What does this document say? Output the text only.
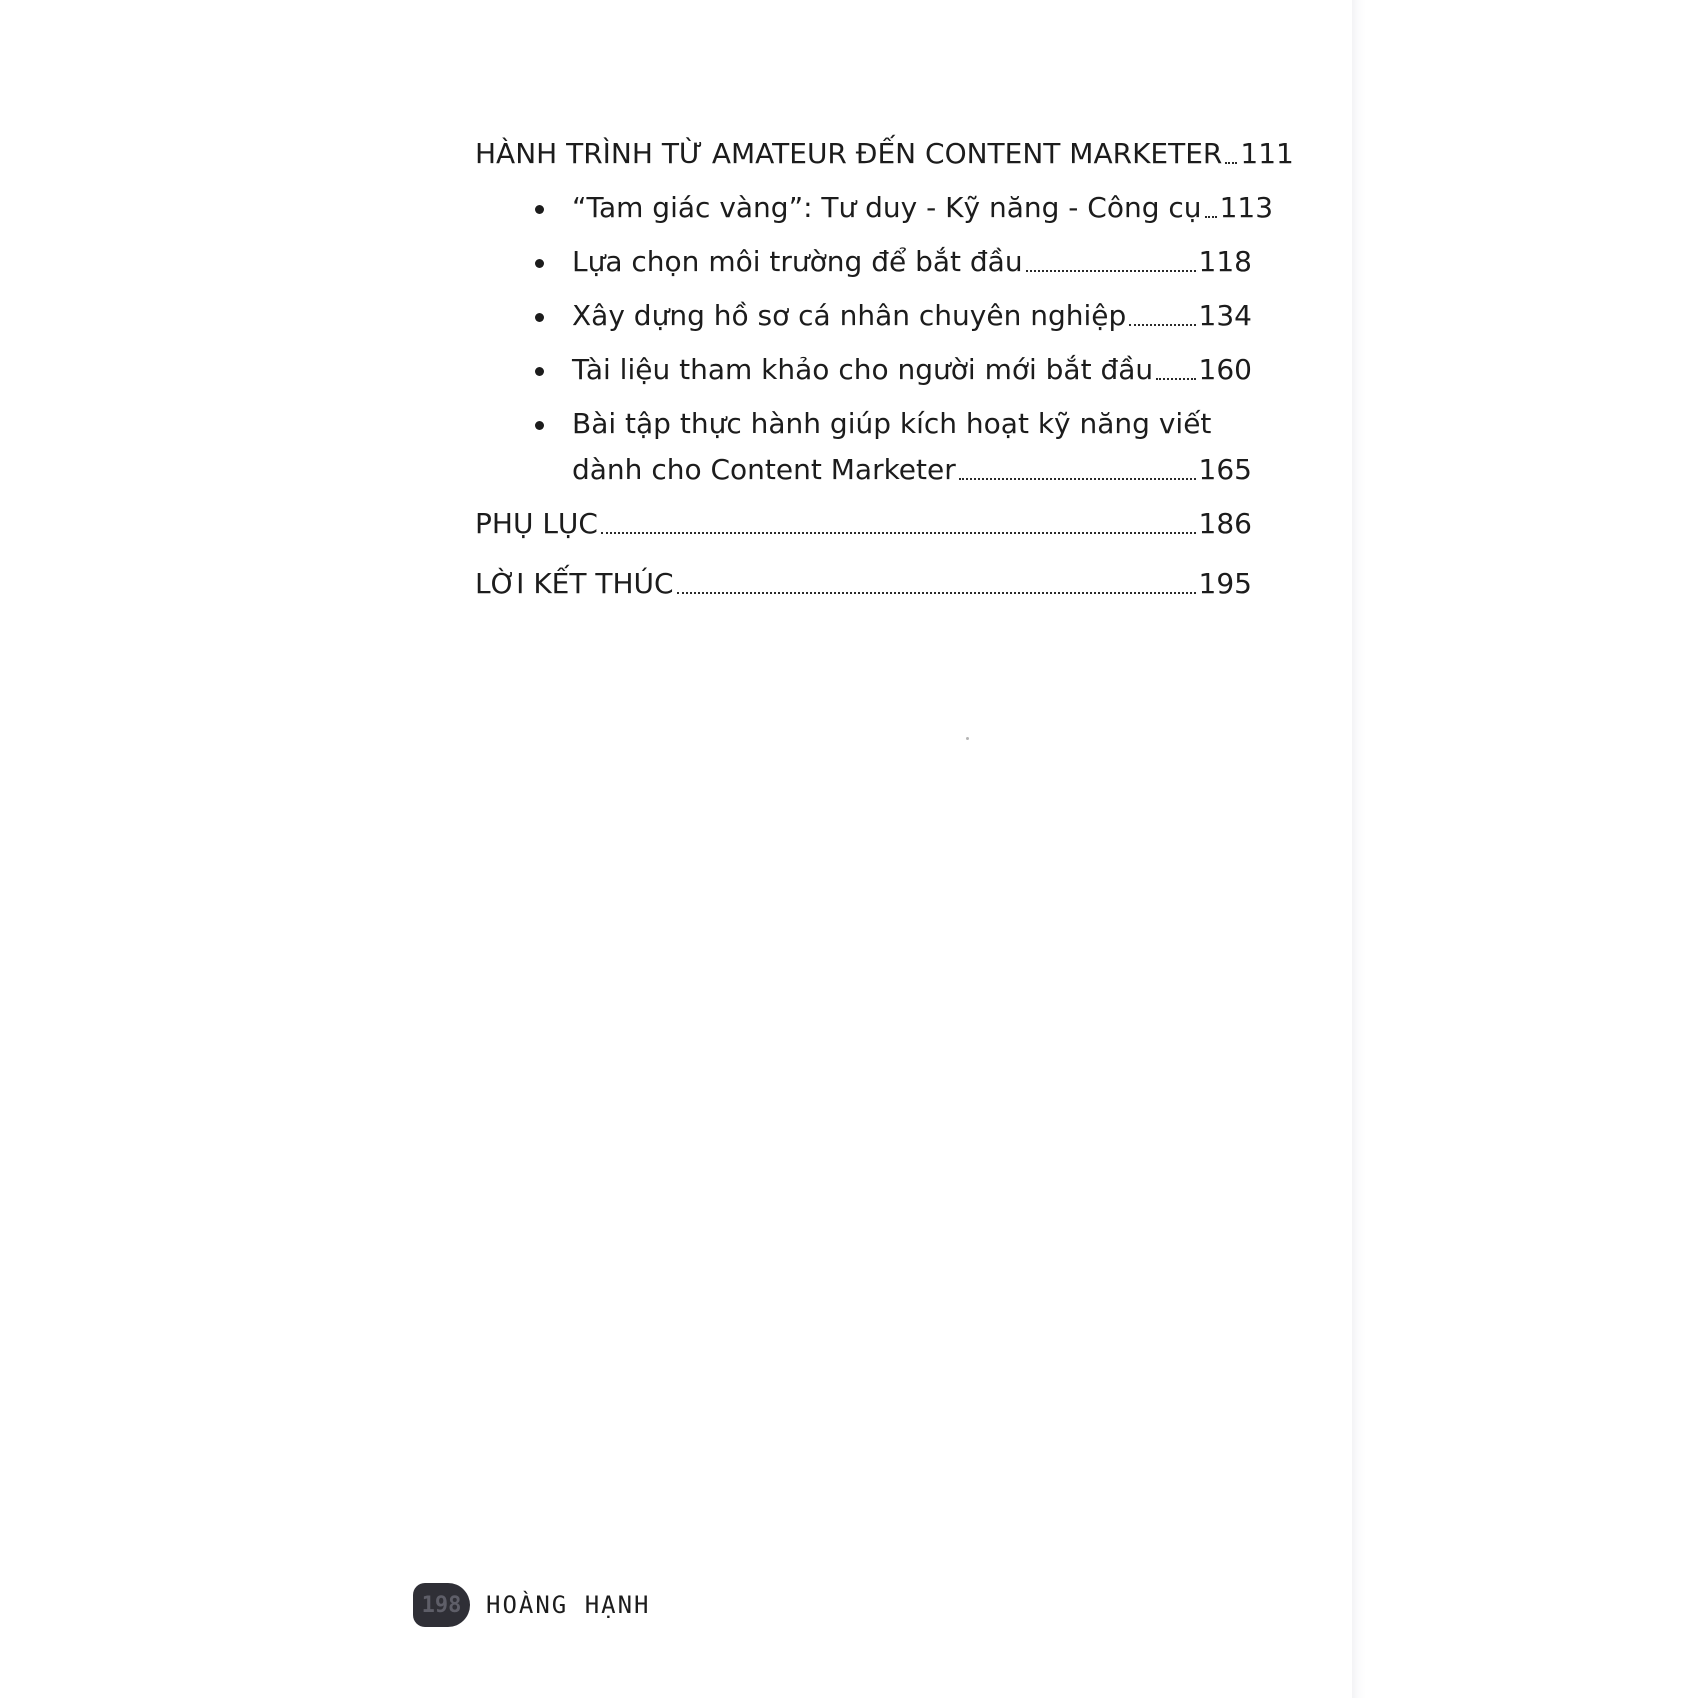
HÀNH TRÌNH TỪ AMATEUR ĐẾN CONTENT MARKETER 111
“Tam giác vàng”: Tư duy - Kỹ năng - Công cụ 113
Lựa chọn môi trường để bắt đầu	118
Xây dựng hồ sơ cá nhân chuyên nghiệp	134
Tài liệu tham khảo cho người mới bắt đầu 160
Bài tập thực hành giúp kích hoạt kỹ năng viết
dành cho Content Marketer	165
PHỤ LỤC	186
LỜI KẾT THÚC	195
198	HOÀNG HẠNH
